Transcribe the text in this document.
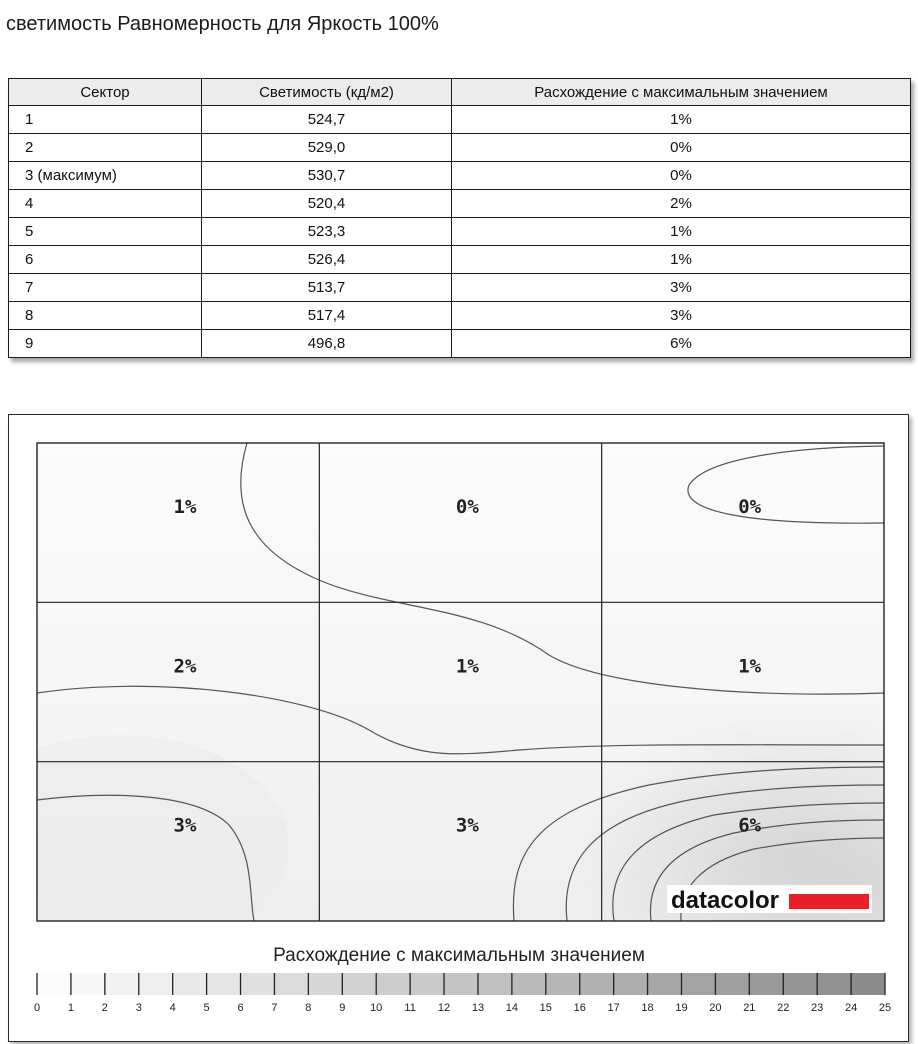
светимость Равномерность для Яркость 100%
Сектор	Светимость (кд/м2)	Расхождение с максимальным значением
1	524,7	1%
2	529,0	0%
3 (максимум)	530,7	0%
4	520,4	2%
5	523,3	1%
6	526,4	1%
7	513,7	3%
8	517,4	3%
9	496,8	6%
1%	0%	0%
2%	1%	1%
3%	3%	6%
datacolor
Расхождение с максимальным значением
0	1	2	3	4	5	6	7	8	9 10 11 12 13 14 15 16 17 18 19 20 21 22 23 24 25
